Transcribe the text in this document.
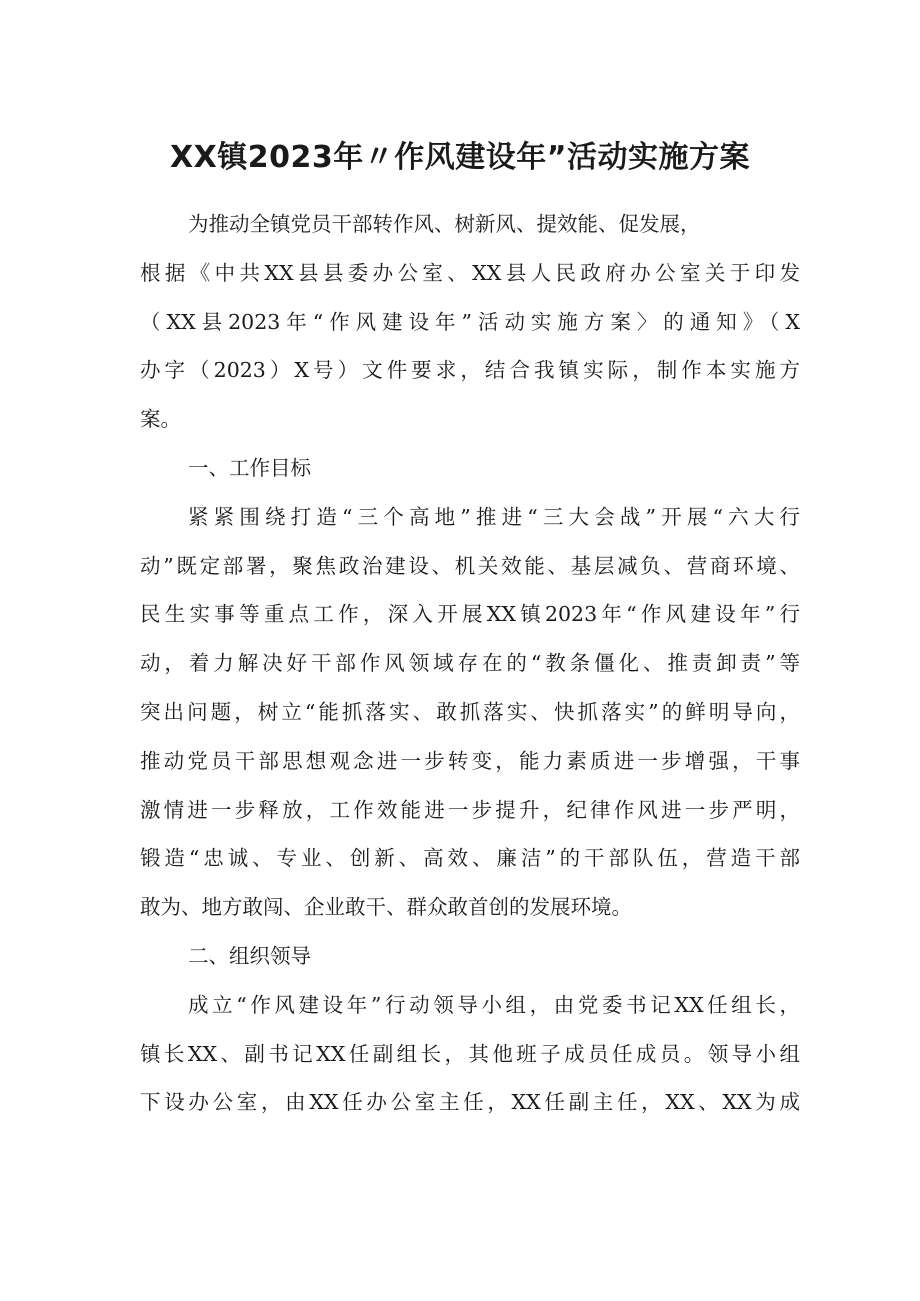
XX镇2023年〃作风建设年”活动实施方案
为推动全镇党员干部转作风、树新风、提效能、促发展，
根据《中共XX县县委办公室、XX县人民政府办公室关于印发
（XX县2023年“作风建设年”活动实施方案〉的通知》（X
办字（2023）X号）文件要求，结合我镇实际，制作本实施方
案。
一、工作目标
紧紧围绕打造“三个高地”推进“三大会战”开展“六大行
动”既定部署，聚焦政治建设、机关效能、基层减负、营商环境、
民生实事等重点工作，深入开展XX镇2023年“作风建设年”行
动，着力解决好干部作风领域存在的“教条僵化、推责卸责”等
突出问题，树立“能抓落实、敢抓落实、快抓落实”的鲜明导向，
推动党员干部思想观念进一步转变，能力素质进一步增强，干事
激情进一步释放，工作效能进一步提升，纪律作风进一步严明，
锻造“忠诚、专业、创新、高效、廉洁”的干部队伍，营造干部
敢为、地方敢闯、企业敢干、群众敢首创的发展环境。
二、组织领导
成立“作风建设年”行动领导小组，由党委书记XX任组长，
镇长XX、副书记XX任副组长，其他班子成员任成员。领导小组
下设办公室，由XX任办公室主任，XX任副主任，XX、XX为成
